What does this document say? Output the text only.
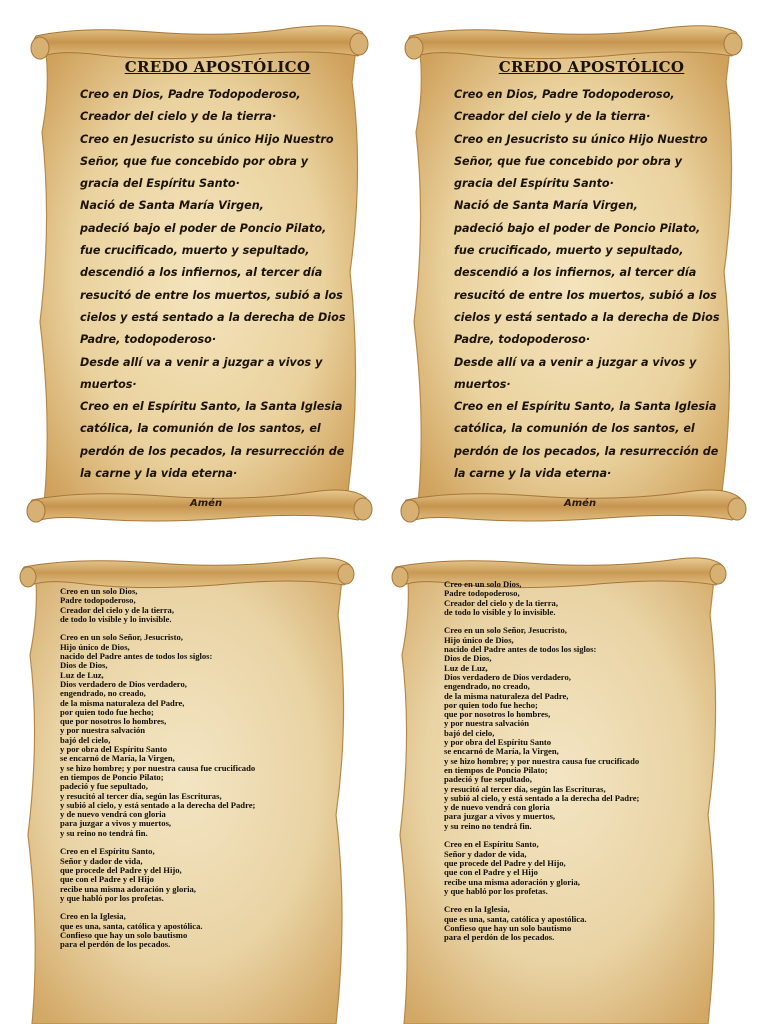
CREDO APOSTÓLICO
Creo en Dios, Padre Todopoderoso,
Creador del cielo y de la tierra·
Creo en Jesucristo su único Hijo Nuestro
Señor, que fue concebido por obra y
gracia del Espíritu Santo·
Nació de Santa María Virgen,
padeció bajo el poder de Poncio Pilato,
fue crucificado, muerto y sepultado,
descendió a los infiernos, al tercer día
resucitó de entre los muertos, subió a los
cielos y está sentado a la derecha de Dios
Padre, todopoderoso·
Desde allí va a venir a juzgar a vivos y
muertos·
Creo en el Espíritu Santo, la Santa Iglesia
católica, la comunión de los santos, el
perdón de los pecados, la resurrección de
la carne y la vida eterna·
Amén
CREDO APOSTÓLICO
Creo en Dios, Padre Todopoderoso,
Creador del cielo y de la tierra·
Creo en Jesucristo su único Hijo Nuestro
Señor, que fue concebido por obra y
gracia del Espíritu Santo·
Nació de Santa María Virgen,
padeció bajo el poder de Poncio Pilato,
fue crucificado, muerto y sepultado,
descendió a los infiernos, al tercer día
resucitó de entre los muertos, subió a los
cielos y está sentado a la derecha de Dios
Padre, todopoderoso·
Desde allí va a venir a juzgar a vivos y
muertos·
Creo en el Espíritu Santo, la Santa Iglesia
católica, la comunión de los santos, el
perdón de los pecados, la resurrección de
la carne y la vida eterna·
Amén
Creo en un solo Dios,
Padre todopoderoso,
Creador del cielo y de la tierra,
de todo lo visible y lo invisible.
Creo en un solo Señor, Jesucristo,
Hijo único de Dios,
nacido del Padre antes de todos los siglos:
Dios de Dios,
Luz de Luz,
Dios verdadero de Dios verdadero,
engendrado, no creado,
de la misma naturaleza del Padre,
por quien todo fue hecho;
que por nosotros lo hombres,
y por nuestra salvación
bajó del cielo,
y por obra del Espíritu Santo
se encarnó de María, la Virgen,
y se hizo hombre; y por nuestra causa fue crucificado
en tiempos de Poncio Pilato;
padeció y fue sepultado,
y resucitó al tercer día, según las Escrituras,
y subió al cielo, y está sentado a la derecha del Padre;
y de nuevo vendrá con gloria
para juzgar a vivos y muertos,
y su reino no tendrá fin.
Creo en el Espíritu Santo,
Señor y dador de vida,
que procede del Padre y del Hijo,
que con el Padre y el Hijo
recibe una misma adoración y gloria,
y que habló por los profetas.
Creo en la Iglesia,
que es una, santa, católica y apostólica.
Confieso que hay un solo bautismo
para el perdón de los pecados.
Creo en un solo Dios,
Padre todopoderoso,
Creador del cielo y de la tierra,
de todo lo visible y lo invisible.
Creo en un solo Señor, Jesucristo,
Hijo único de Dios,
nacido del Padre antes de todos los siglos:
Dios de Dios,
Luz de Luz,
Dios verdadero de Dios verdadero,
engendrado, no creado,
de la misma naturaleza del Padre,
por quien todo fue hecho;
que por nosotros lo hombres,
y por nuestra salvación
bajó del cielo,
y por obra del Espíritu Santo
se encarnó de María, la Virgen,
y se hizo hombre; y por nuestra causa fue crucificado
en tiempos de Poncio Pilato;
padeció y fue sepultado,
y resucitó al tercer día, según las Escrituras,
y subió al cielo, y está sentado a la derecha del Padre;
y de nuevo vendrá con gloria
para juzgar a vivos y muertos,
y su reino no tendrá fin.
Creo en el Espíritu Santo,
Señor y dador de vida,
que procede del Padre y del Hijo,
que con el Padre y el Hijo
recibe una misma adoración y gloria,
y que habló por los profetas.
Creo en la Iglesia,
que es una, santa, católica y apostólica.
Confieso que hay un solo bautismo
para el perdón de los pecados.
